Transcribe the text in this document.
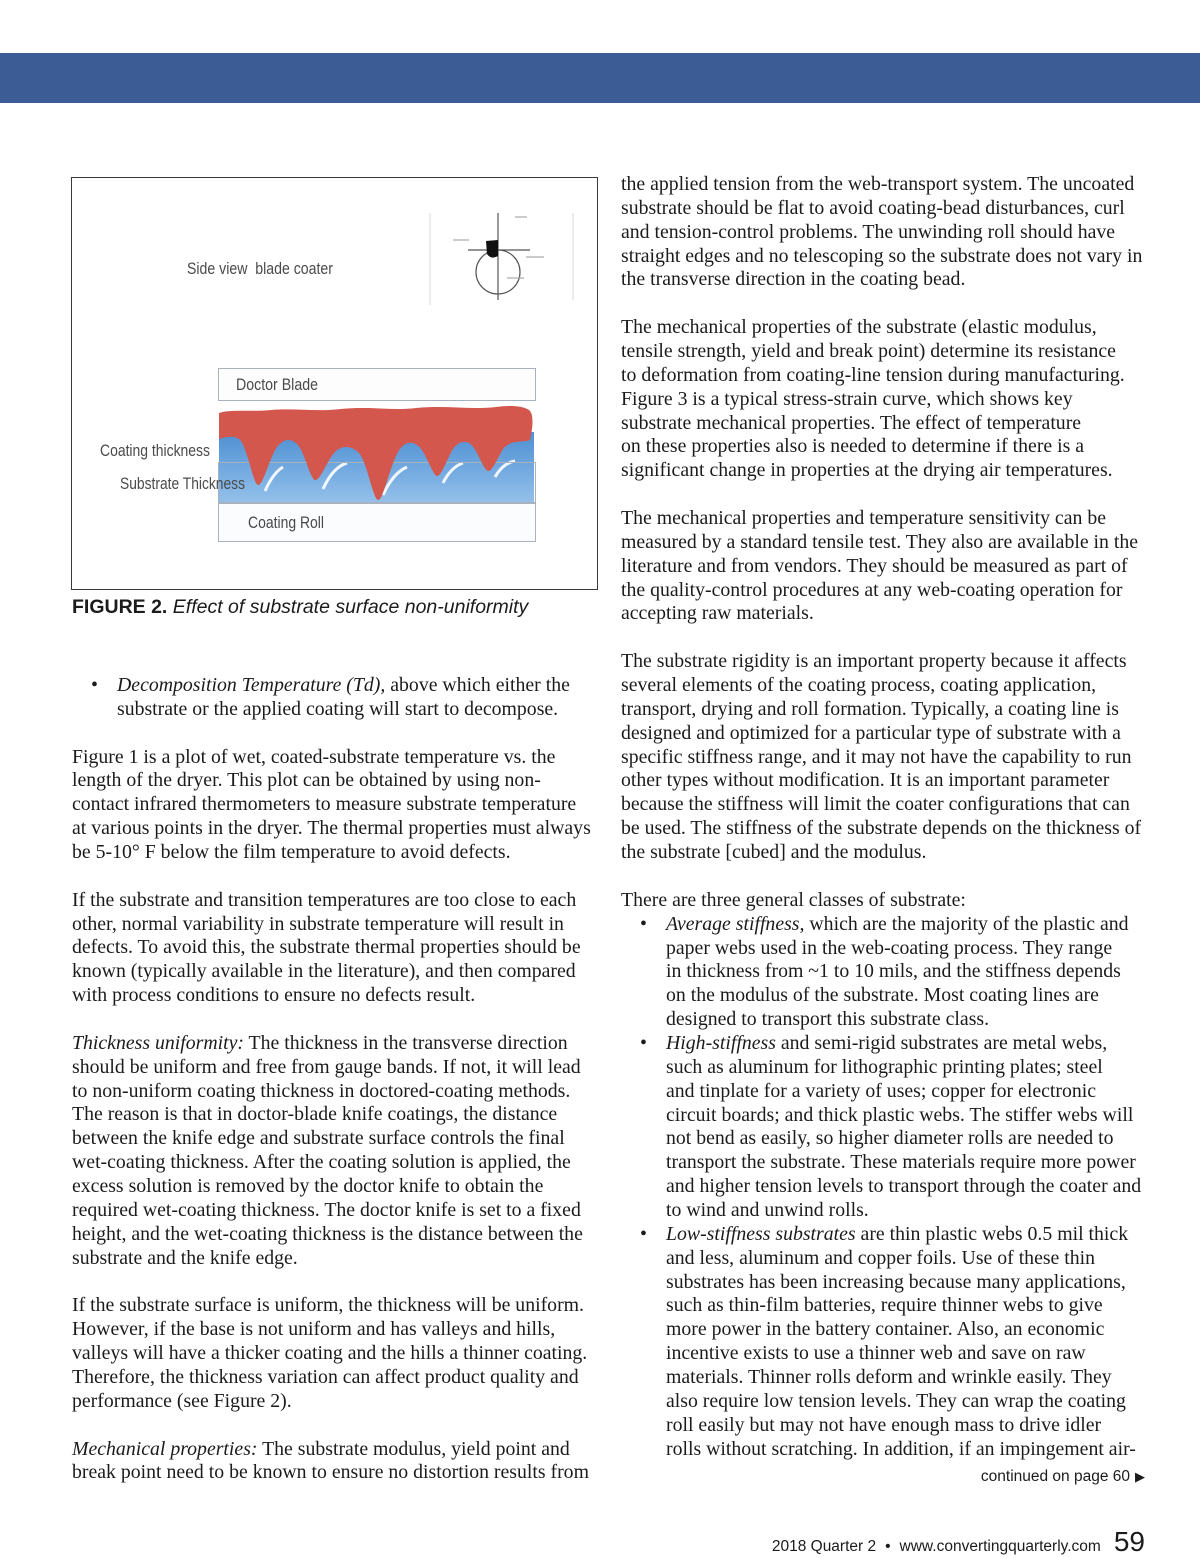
Side view  blade coater
Doctor Blade
Coating Roll
Coating thickness
Substrate Thickness
FIGURE 2. Effect of substrate surface non-uniformity
• Decomposition Temperature (Td), above which either the
substrate or the applied coating will start to decompose.
Figure 1 is a plot of wet, coated-substrate temperature vs. the
length of the dryer. This plot can be obtained by using non-
contact infrared thermometers to measure substrate temperature
at various points in the dryer. The thermal properties must always
be 5-10° F below the film temperature to avoid defects.
If the substrate and transition temperatures are too close to each
other, normal variability in substrate temperature will result in
defects. To avoid this, the substrate thermal properties should be
known (typically available in the literature), and then compared
with process conditions to ensure no defects result.
Thickness uniformity: The thickness in the transverse direction
should be uniform and free from gauge bands. If not, it will lead
to non-uniform coating thickness in doctored-coating methods.
The reason is that in doctor-blade knife coatings, the distance
between the knife edge and substrate surface controls the final
wet-coating thickness. After the coating solution is applied, the
excess solution is removed by the doctor knife to obtain the
required wet-coating thickness. The doctor knife is set to a fixed
height, and the wet-coating thickness is the distance between the
substrate and the knife edge.
If the substrate surface is uniform, the thickness will be uniform.
However, if the base is not uniform and has valleys and hills,
valleys will have a thicker coating and the hills a thinner coating.
Therefore, the thickness variation can affect product quality and
performance (see Figure 2).
Mechanical properties: The substrate modulus, yield point and
break point need to be known to ensure no distortion results from
the applied tension from the web-transport system. The uncoated
substrate should be flat to avoid coating-bead disturbances, curl
and tension-control problems. The unwinding roll should have
straight edges and no telescoping so the substrate does not vary in
the transverse direction in the coating bead.
The mechanical properties of the substrate (elastic modulus,
tensile strength, yield and break point) determine its resistance
to deformation from coating-line tension during manufacturing.
Figure 3 is a typical stress-strain curve, which shows key
substrate mechanical properties. The effect of temperature
on these properties also is needed to determine if there is a
significant change in properties at the drying air temperatures.
The mechanical properties and temperature sensitivity can be
measured by a standard tensile test. They also are available in the
literature and from vendors. They should be measured as part of
the quality-control procedures at any web-coating operation for
accepting raw materials.
The substrate rigidity is an important property because it affects
several elements of the coating process, coating application,
transport, drying and roll formation. Typically, a coating line is
designed and optimized for a particular type of substrate with a
specific stiffness range, and it may not have the capability to run
other types without modification. It is an important parameter
because the stiffness will limit the coater configurations that can
be used. The stiffness of the substrate depends on the thickness of
the substrate [cubed] and the modulus.
There are three general classes of substrate:
• Average stiffness, which are the majority of the plastic and
paper webs used in the web-coating process. They range
in thickness from ~1 to 10 mils, and the stiffness depends
on the modulus of the substrate. Most coating lines are
designed to transport this substrate class.
• High-stiffness and semi-rigid substrates are metal webs,
such as aluminum for lithographic printing plates; steel
and tinplate for a variety of uses; copper for electronic
circuit boards; and thick plastic webs. The stiffer webs will
not bend as easily, so higher diameter rolls are needed to
transport the substrate. These materials require more power
and higher tension levels to transport through the coater and
to wind and unwind rolls.
• Low-stiffness substrates are thin plastic webs 0.5 mil thick
and less, aluminum and copper foils. Use of these thin
substrates has been increasing because many applications,
such as thin-film batteries, require thinner webs to give
more power in the battery container. Also, an economic
incentive exists to use a thinner web and save on raw
materials. Thinner rolls deform and wrinkle easily. They
also require low tension levels. They can wrap the coating
roll easily but may not have enough mass to drive idler
rolls without scratching. In addition, if an impingement air-
continued on page 60 ▶
2018 Quarter 2 • www.convertingquarterly.com 59
